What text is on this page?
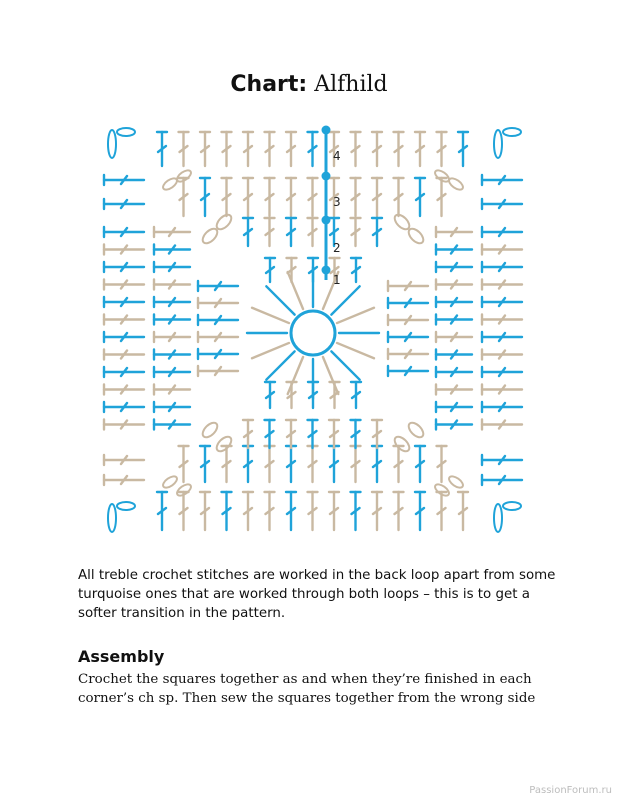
Chart: Alfhild
1
2
3
4
All treble crochet stitches are worked in the back loop apart from some turquoise ones that are worked through both loops – this is to get a softer transition in the pattern.
Assembly
Crochet the squares together as and when they’re finished in each corner’s ch sp. Then sew the squares together from the wrong side
PassionForum.ru
